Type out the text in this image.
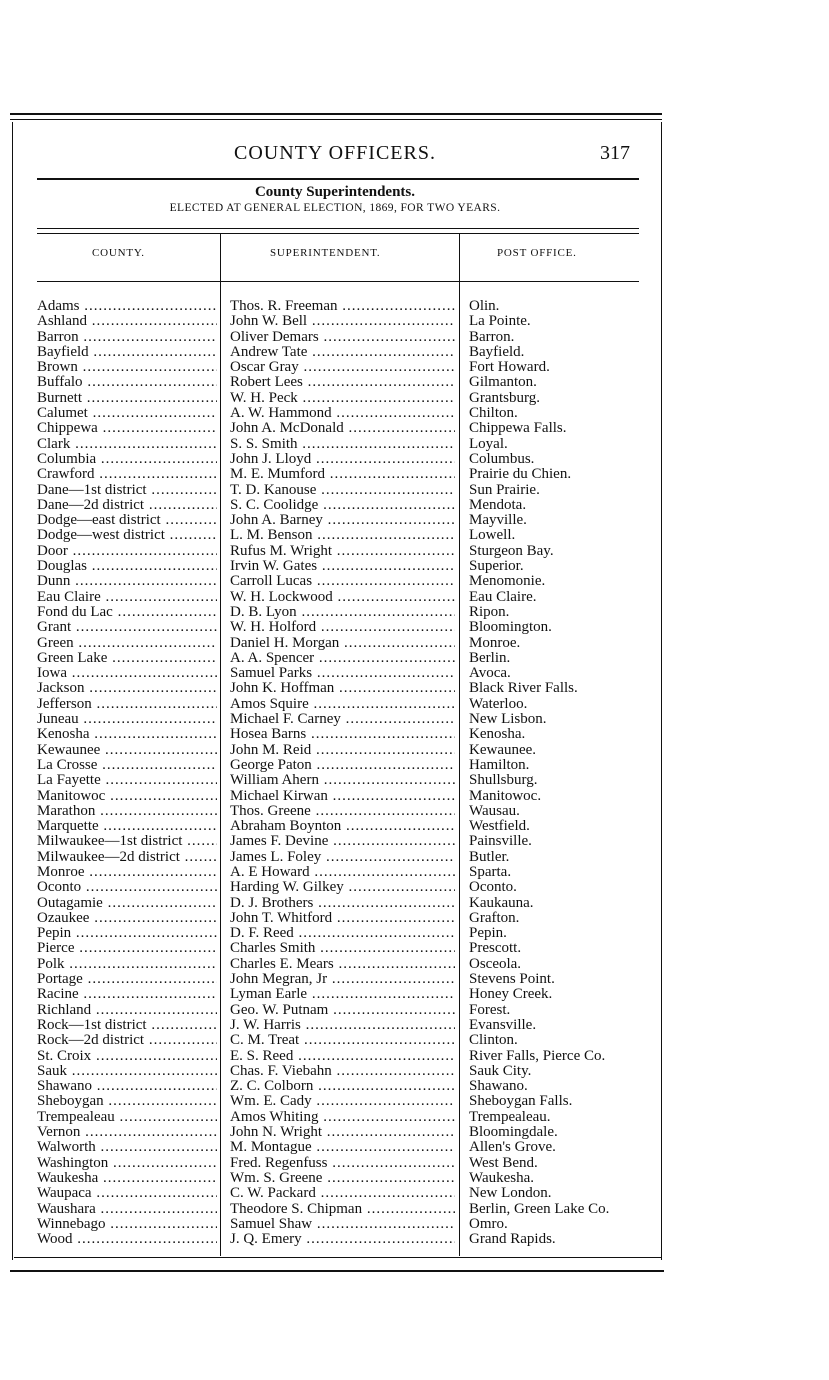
COUNTY OFFICERS.	317
County Superintendents.
ELECTED AT GENERAL ELECTION, 1869, FOR TWO YEARS.
COUNTY.	SUPERINTENDENT.	POST OFFICE.
Adams .....	Thos. R. Freeman .....	Olin.
Ashland .....	John W. Bell .....	La Pointe.
Barron .....	Oliver Demars .....	Barron.
Bayfield .....	Andrew Tate .....	Bayfield.
Brown .....	Oscar Gray .....	Fort Howard.
Buffalo .....	Robert Lees .....	Gilmanton.
Burnett .....	W. H. Peck .....	Grantsburg.
Calumet .....	A. W. Hammond .....	Chilton.
Chippewa .....	John A. McDonald .....	Chippewa Falls.
Clark .....	S. S. Smith .....	Loyal.
Columbia .....	John J. Lloyd .....	Columbus.
Crawford .....	M. E. Mumford .....	Prairie du Chien.
Dane—1st district .....	T. D. Kanouse .....	Sun Prairie.
Dane—2d district .....	S. C. Coolidge .....	Mendota.
Dodge—east district .....	John A. Barney .....	Mayville.
Dodge—west district .....	L. M. Benson .....	Lowell.
Door .....	Rufus M. Wright .....	Sturgeon Bay.
Douglas .....	Irvin W. Gates .....	Superior.
Dunn .....	Carroll Lucas .....	Menomonie.
Eau Claire .....	W. H. Lockwood .....	Eau Claire.
Fond du Lac .....	D. B. Lyon .....	Ripon.
Grant .....	W. H. Holford .....	Bloomington.
Green .....	Daniel H. Morgan .....	Monroe.
Green Lake .....	A. A. Spencer .....	Berlin.
Iowa .....	Samuel Parks .....	Avoca.
Jackson .....	John K. Hoffman .....	Black River Falls.
Jefferson .....	Amos Squire .....	Waterloo.
Juneau .....	Michael F. Carney .....	New Lisbon.
Kenosha .....	Hosea Barns .....	Kenosha.
Kewaunee .....	John M. Reid .....	Kewaunee.
La Crosse .....	George Paton .....	Hamilton.
La Fayette .....	William Ahern .....	Shullsburg.
Manitowoc .....	Michael Kirwan .....	Manitowoc.
Marathon .....	Thos. Greene .....	Wausau.
Marquette .....	Abraham Boynton .....	Westfield.
Milwaukee—1st district .....	James F. Devine .....	Painsville.
Milwaukee—2d district .....	James L. Foley .....	Butler.
Monroe .....	A. E Howard .....	Sparta.
Oconto .....	Harding W. Gilkey .....	Oconto.
Outagamie .....	D. J. Brothers .....	Kaukauna.
Ozaukee .....	John T. Whitford .....	Grafton.
Pepin .....	D. F. Reed .....	Pepin.
Pierce .....	Charles Smith .....	Prescott.
Polk .....	Charles E. Mears .....	Osceola.
Portage .....	John Megran, Jr .....	Stevens Point.
Racine .....	Lyman Earle .....	Honey Creek.
Richland .....	Geo. W. Putnam .....	Forest.
Rock—1st district .....	J. W. Harris .....	Evansville.
Rock—2d district .....	C. M. Treat .....	Clinton.
St. Croix .....	E. S. Reed .....	River Falls, Pierce Co.
Sauk .....	Chas. F. Viebahn .....	Sauk City.
Shawano .....	Z. C. Colborn .....	Shawano.
Sheboygan .....	Wm. E. Cady .....	Sheboygan Falls.
Trempealeau .....	Amos Whiting .....	Trempealeau.
Vernon .....	John N. Wright .....	Bloomingdale.
Walworth .....	M. Montague .....	Allen's Grove.
Washington .....	Fred. Regenfuss .....	West Bend.
Waukesha .....	Wm. S. Greene .....	Waukesha.
Waupaca .....	C. W. Packard .....	New London.
Waushara .....	Theodore S. Chipman .....	Berlin, Green Lake Co.
Winnebago .....	Samuel Shaw .....	Omro.
Wood .....	J. Q. Emery .....	Grand Rapids.
